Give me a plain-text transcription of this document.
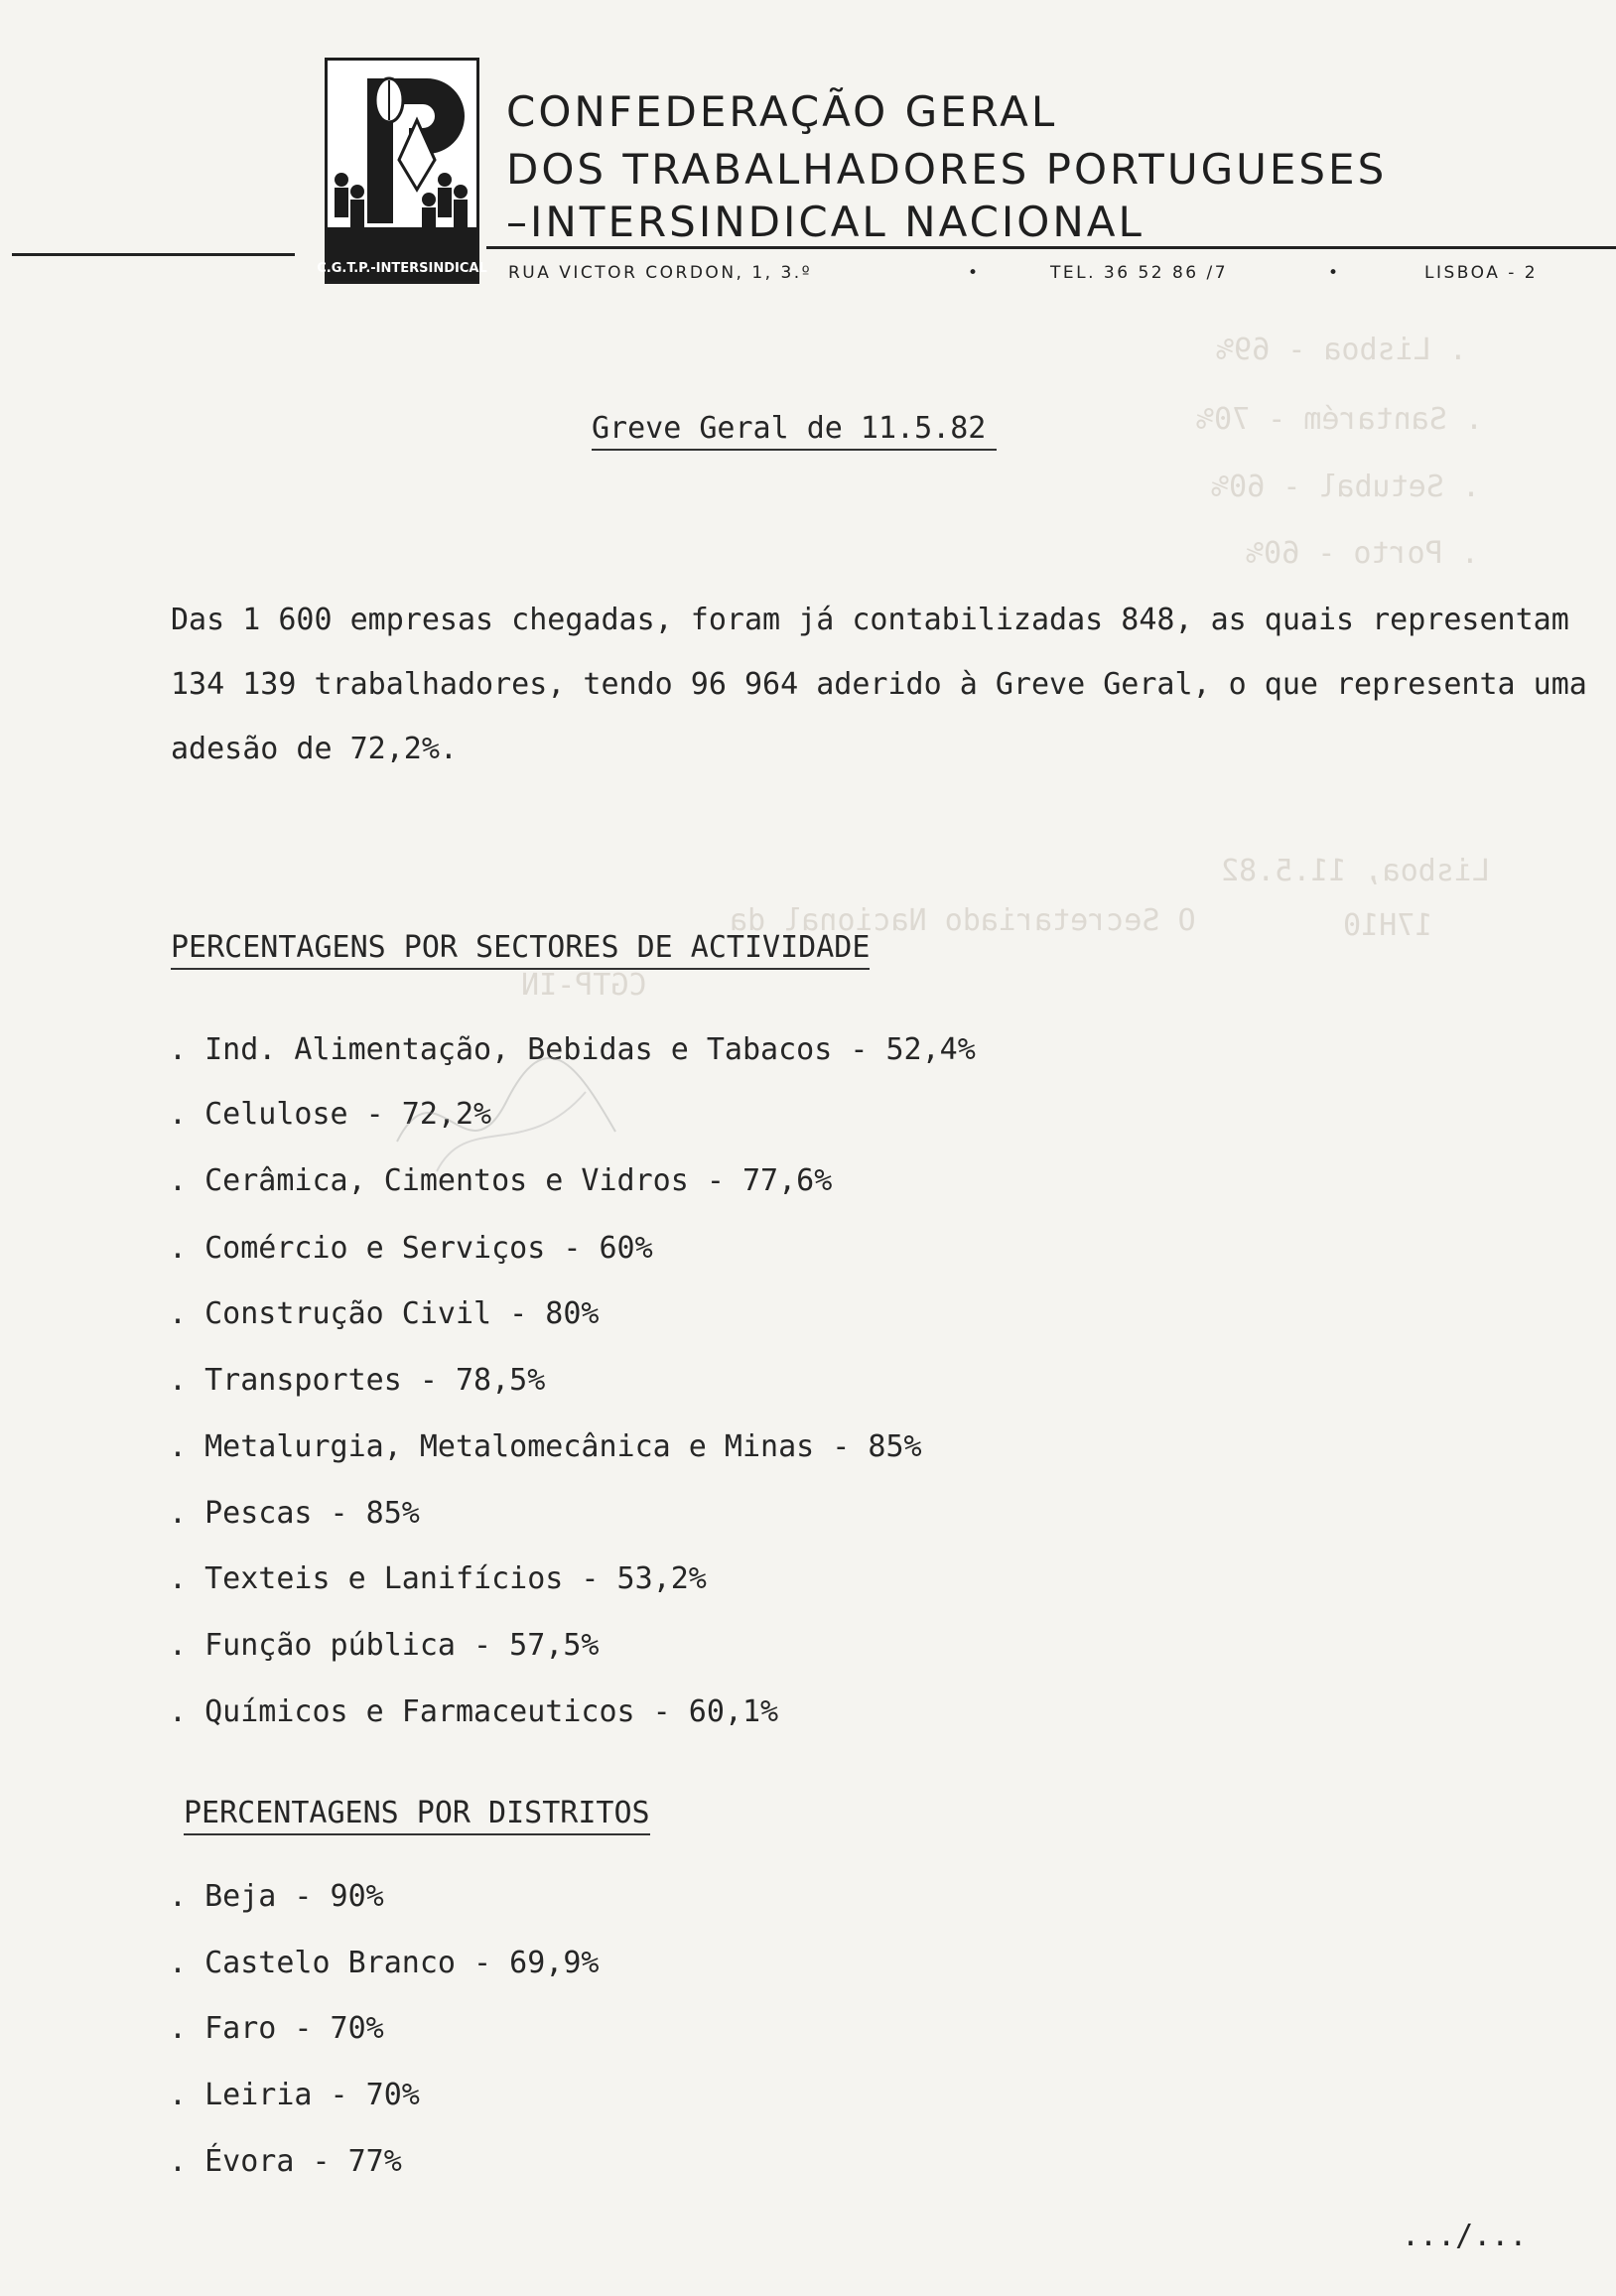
. Lisboa - 69%
. Santarém - 70%
. Setubal - 60%
. Porto - 60%
Lisboa, 11.5.82
17H10
O Secretariado Nacional da
CGTP-IN
C.G.T.P.-INTERSINDICAL
CONFEDERAÇÃO GERAL
DOS TRABALHADORES PORTUGUESES
–INTERSINDICAL NACIONAL
RUA VICTOR CORDON, 1, 3.º	•	TEL. 36 52 86 /7	•	LISBOA - 2
Greve Geral de 11.5.82
Das 1 600 empresas chegadas, foram já contabilizadas 848, as quais representam
134 139 trabalhadores, tendo 96 964 aderido à Greve Geral, o que representa uma
adesão de 72,2%.
PERCENTAGENS POR SECTORES DE ACTIVIDADE
. Ind. Alimentação, Bebidas e Tabacos - 52,4%
. Celulose - 72,2%
. Cerâmica, Cimentos e Vidros - 77,6%
. Comércio e Serviços - 60%
. Construção Civil - 80%
. Transportes - 78,5%
. Metalurgia, Metalomecânica e Minas - 85%
. Pescas - 85%
. Texteis e Lanifícios - 53,2%
. Função pública - 57,5%
. Químicos e Farmaceuticos - 60,1%
PERCENTAGENS POR DISTRITOS
. Beja - 90%
. Castelo Branco - 69,9%
. Faro - 70%
. Leiria - 70%
. Évora - 77%
.../...
